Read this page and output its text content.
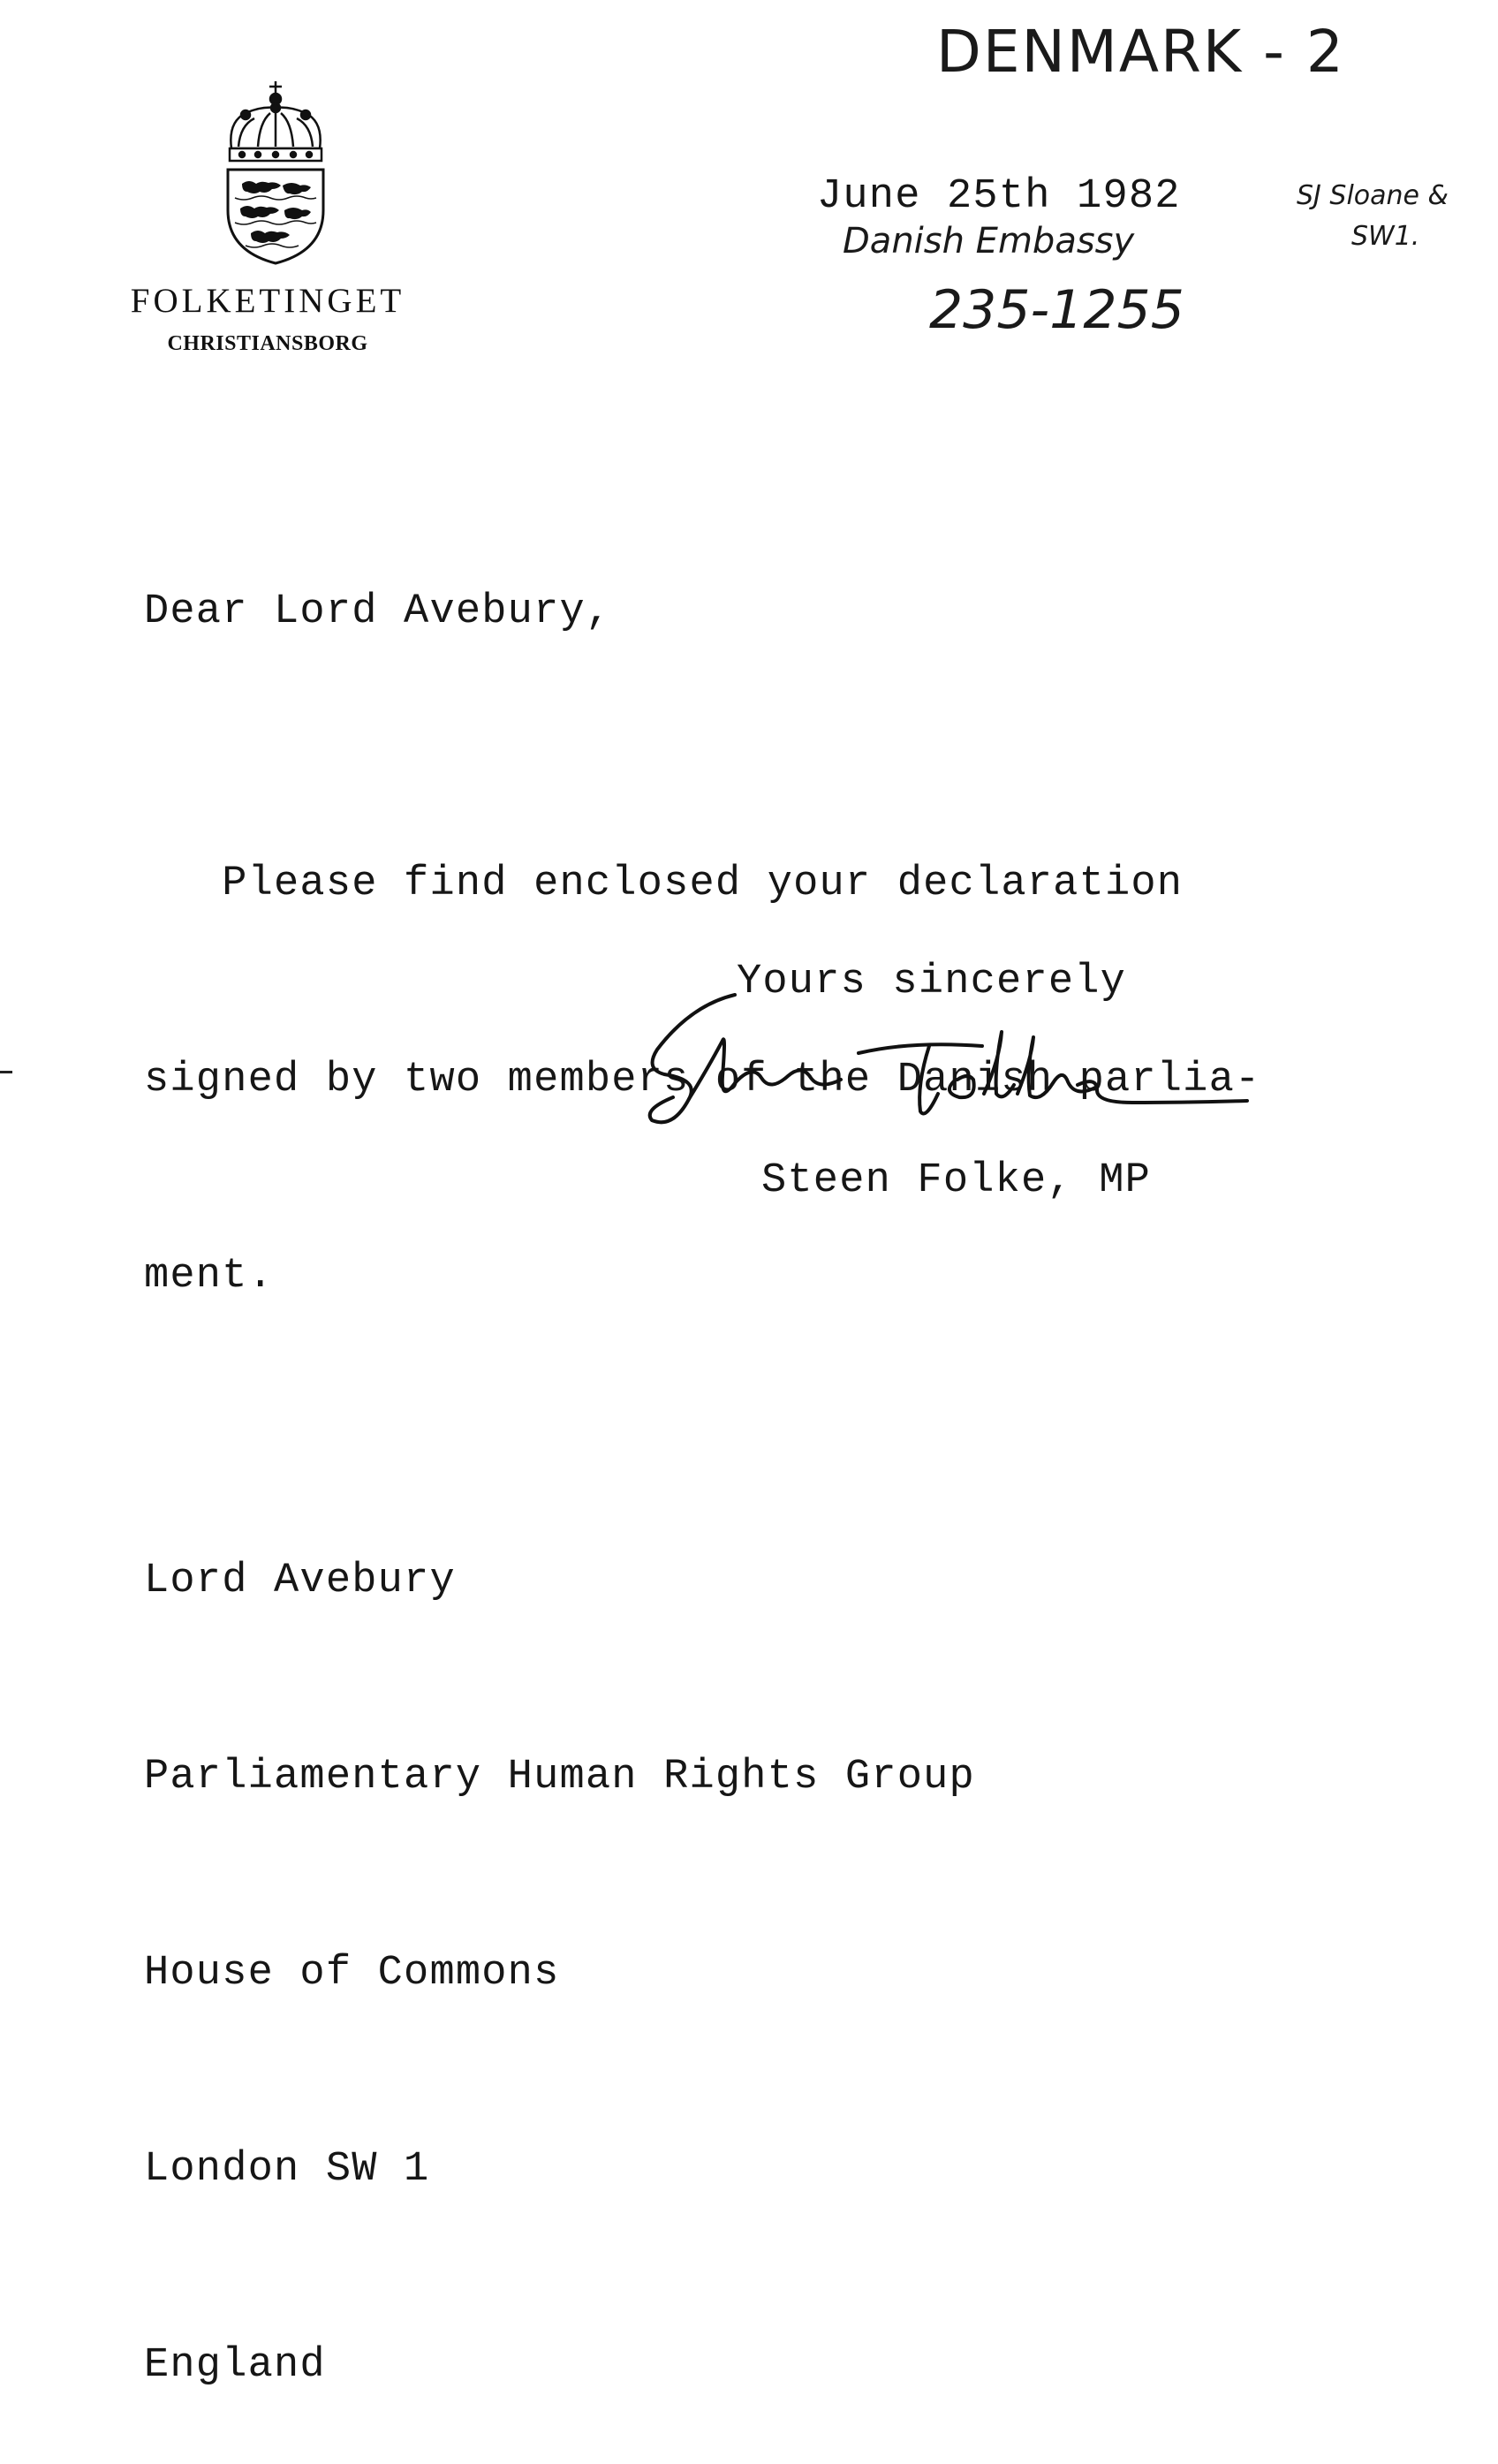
FOLKETINGET
CHRISTIANSBORG
DENMARK - 2
SJ Sloane &
Danish Embassy	SW1.
235-1255
June 25th 1982
Dear Lord Avebury,

Please find enclosed your declaration

signed by two members of the Danish parlia-

ment.

Yours sincerely
Steen Folke, MP

Lord Avebury

Parliamentary Human Rights Group

House of Commons

London SW 1

England
